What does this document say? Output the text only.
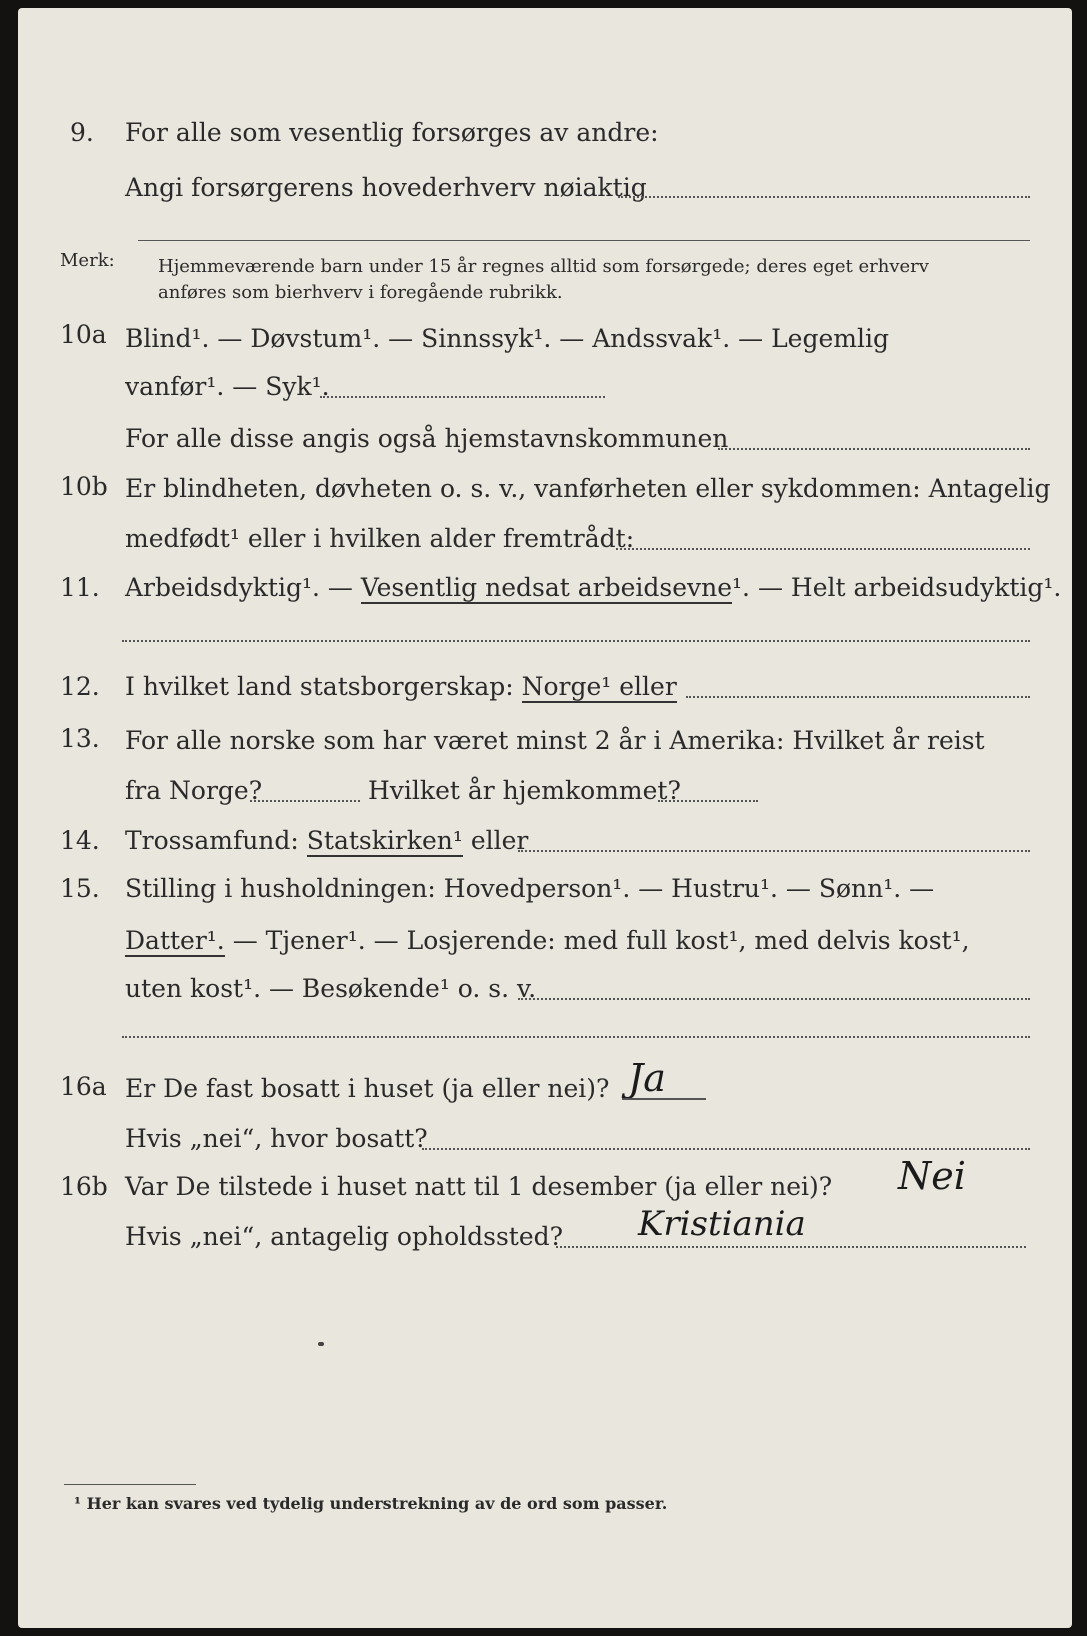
9. For alle som vesentlig forsørges av andre:
Angi forsørgerens hovederhverv nøiaktig
Merk: Hjemmeværende barn under 15 år regnes alltid som forsørgede; deres eget erhverv
anføres som bierhverv i foregående rubrikk.
10a Blind¹. — Døvstum¹. — Sinnssyk¹. — Andssvak¹. — Legemlig
vanfør¹. — Syk¹.
For alle disse angis også hjemstavnskommunen
10b Er blindheten, døvheten o. s. v., vanførheten eller sykdommen: Antagelig
medfødt¹ eller i hvilken alder fremtrådt:
11. Arbeidsdyktig¹. — Vesentlig nedsat arbeidsevne¹. — Helt arbeidsudyktig¹.
12. I hvilket land statsborgerskap: Norge¹ eller
13. For alle norske som har været minst 2 år i Amerika: Hvilket år reist
fra Norge?	Hvilket år hjemkommet?
14. Trossamfund: Statskirken¹ eller
15. Stilling i husholdningen: Hovedperson¹. — Hustru¹. — Sønn¹. —
Datter¹. — Tjener¹. — Losjerende: med full kost¹, med delvis kost¹,
uten kost¹. — Besøkende¹ o. s. v.
16a Er De fast bosatt i huset (ja eller nei)? Ja
Hvis „nei“, hvor bosatt?
16b Var De tilstede i huset natt til 1 desember (ja eller nei)? Nei
Hvis „nei“, antagelig opholdssted? Kristiania
¹ Her kan svares ved tydelig understrekning av de ord som passer.
